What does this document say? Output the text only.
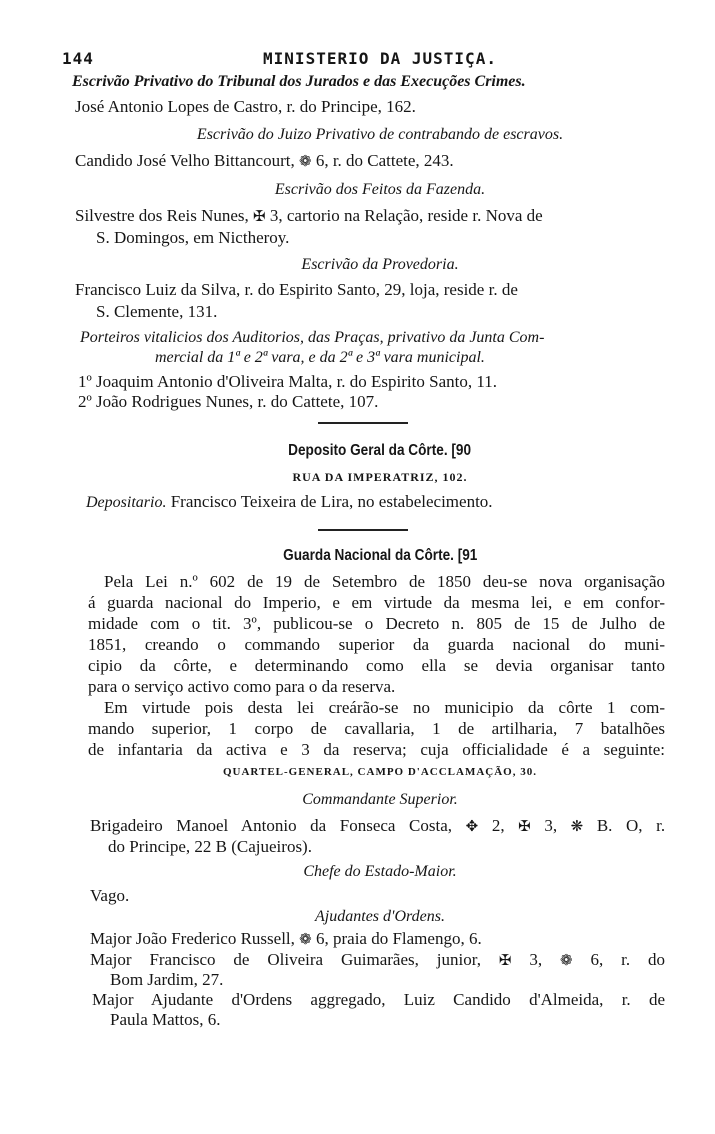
144	MINISTERIO DA JUSTIÇA.
Escrivão Privativo do Tribunal dos Jurados e das Execuções Crimes.
José Antonio Lopes de Castro, r. do Principe, 162.
Escrivão do Juizo Privativo de contrabando de escravos.
Candido José Velho Bittancourt, ❁ 6, r. do Cattete, 243.
Escrivão dos Feitos da Fazenda.
Silvestre dos Reis Nunes, ✠ 3, cartorio na Relação, reside r. Nova de
S. Domingos, em Nictheroy.
Escrivão da Provedoria.
Francisco Luiz da Silva, r. do Espirito Santo, 29, loja, reside r. de
S. Clemente, 131.
Porteiros vitalicios dos Auditorios, das Praças, privativo da Junta Com-
mercial da 1ª e 2ª vara, e da 2ª e 3ª vara municipal.
1º Joaquim Antonio d'Oliveira Malta, r. do Espirito Santo, 11.
2º João Rodrigues Nunes, r. do Cattete, 107.
Deposito Geral da Côrte. [90
RUA DA IMPERATRIZ, 102.
Depositario. Francisco Teixeira de Lira, no estabelecimento.
Guarda Nacional da Côrte. [91
Pela Lei n.º 602 de 19 de Setembro de 1850 deu-se nova organisação
á guarda nacional do Imperio, e em virtude da mesma lei, e em confor-
midade com o tit. 3º, publicou-se o Decreto n. 805 de 15 de Julho de
1851, creando o commando superior da guarda nacional do muni-
cipio da côrte, e determinando como ella se devia organisar tanto
para o serviço activo como para o da reserva.
Em virtude pois desta lei creárão-se no municipio da côrte 1 com-
mando superior, 1 corpo de cavallaria, 1 de artilharia, 7 batalhões
de infantaria da activa e 3 da reserva; cuja officialidade é a seguinte:
QUARTEL-GENERAL, CAMPO D'ACCLAMAÇÃO, 30.
Commandante Superior.
Brigadeiro Manoel Antonio da Fonseca Costa, ✥ 2, ✠ 3, ❋ B. O, r.
do Principe, 22 B (Cajueiros).
Chefe do Estado-Maior.
Vago.
Ajudantes d'Ordens.
Major João Frederico Russell, ❁ 6, praia do Flamengo, 6.
Major Francisco de Oliveira Guimarães, junior, ✠ 3, ❁ 6, r. do
Bom Jardim, 27.
Major Ajudante d'Ordens aggregado, Luiz Candido d'Almeida, r. de
Paula Mattos, 6.
